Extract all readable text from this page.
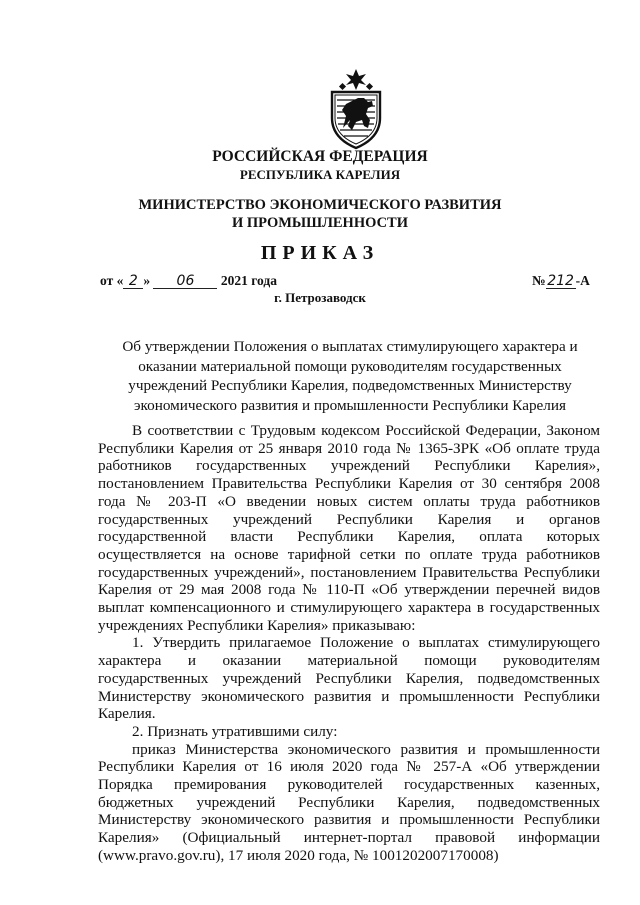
РОССИЙСКАЯ ФЕДЕРАЦИЯ
РЕСПУБЛИКА КАРЕЛИЯ
МИНИСТЕРСТВО ЭКОНОМИЧЕСКОГО РАЗВИТИЯ
И ПРОМЫШЛЕННОСТИ
ПРИКАЗ
от « 2 » 06 2021 года	№ 212 -А
г. Петрозаводск
Об утверждении Положения о выплатах стимулирующего характера и оказании материальной помощи руководителям государственных учреждений Республики Карелия, подведомственных Министерству экономического развития и промышленности Республики Карелия

В соответствии с Трудовым кодексом Российской Федерации, Законом Республики Карелия от 25 января 2010 года № 1365-ЗРК «Об оплате труда работников государственных учреждений Республики Карелия», постановлением Правительства Республики Карелия от 30 сентября 2008 года № 203-П «О введении новых систем оплаты труда работников государственных учреждений Республики Карелия и органов государственной власти Республики Карелия, оплата которых осуществляется на основе тарифной сетки по оплате труда работников государственных учреждений», постановлением Правительства Республики Карелия от 29 мая 2008 года № 110-П «Об утверждении перечней видов выплат компенсационного и стимулирующего характера в государственных учреждениях Республики Карелия» приказываю:

1. Утвердить прилагаемое Положение о выплатах стимулирующего характера и оказании материальной помощи руководителям государственных учреждений Республики Карелия, подведомственных Министерству экономического развития и промышленности Республики Карелия.

2. Признать утратившими силу:

приказ Министерства экономического развития и промышленности Республики Карелия от 16 июля 2020 года № 257-А «Об утверждении Порядка премирования руководителей государственных казенных, бюджетных учреждений Республики Карелия, подведомственных Министерству экономического развития и промышленности Республики Карелия» (Официальный интернет-портал правовой информации (www.pravo.gov.ru), 17 июля 2020 года, № 1001202007170008)
